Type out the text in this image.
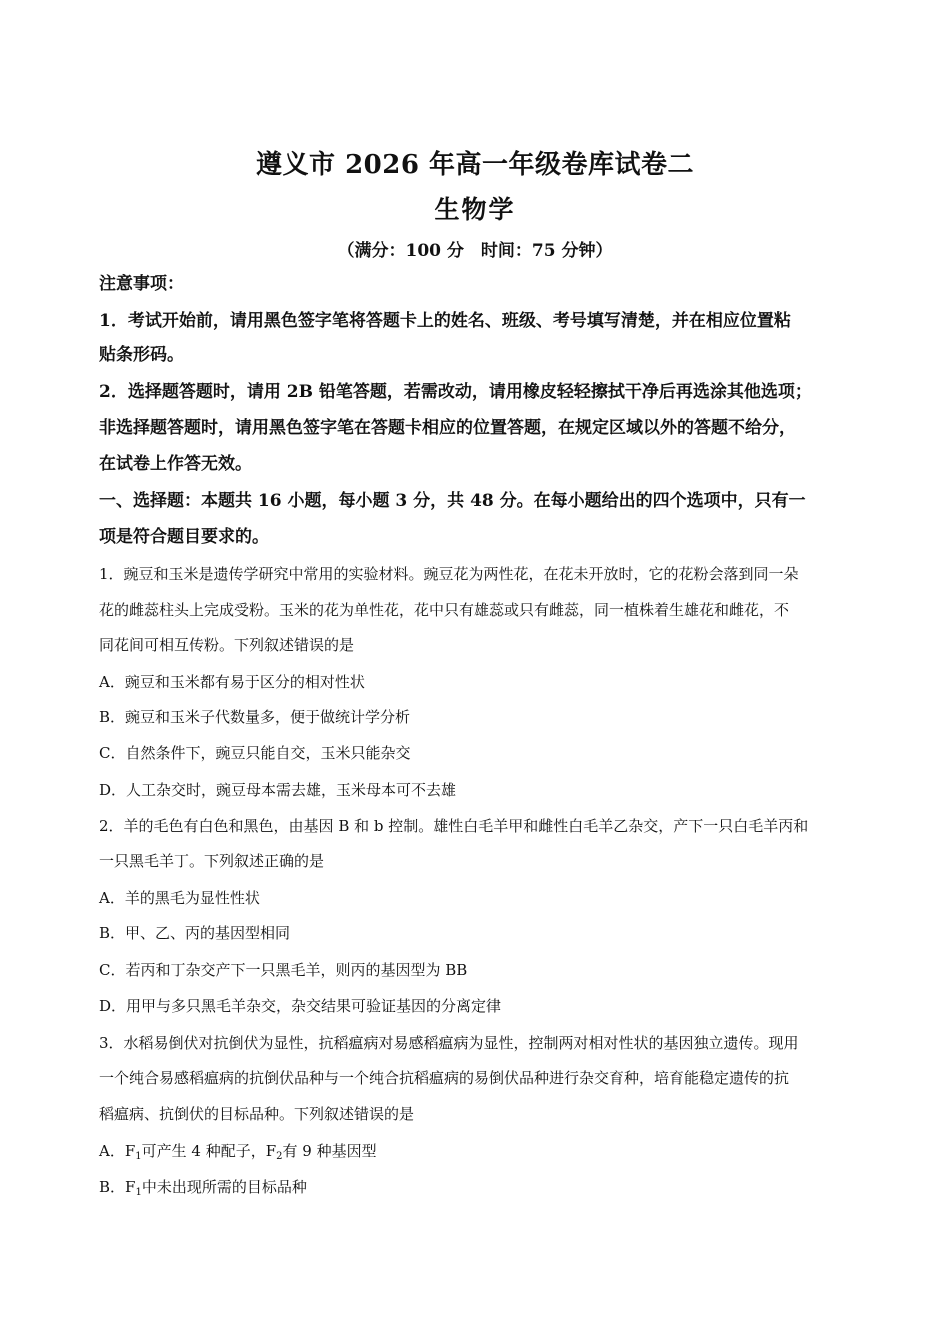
遵义市 2026 年高一年级卷库试卷二
生物学
（满分：100 分　时间：75 分钟）
注意事项：
1．考试开始前，请用黑色签字笔将答题卡上的姓名、班级、考号填写清楚，并在相应位置粘
贴条形码。
2．选择题答题时，请用 2B 铅笔答题，若需改动，请用橡皮轻轻擦拭干净后再选涂其他选项；
非选择题答题时，请用黑色签字笔在答题卡相应的位置答题，在规定区域以外的答题不给分，
在试卷上作答无效。
一、选择题：本题共 16 小题，每小题 3 分，共 48 分。在每小题给出的四个选项中，只有一
项是符合题目要求的。
1．豌豆和玉米是遗传学研究中常用的实验材料。豌豆花为两性花，在花未开放时，它的花粉会落到同一朵
花的雌蕊柱头上完成受粉。玉米的花为单性花，花中只有雄蕊或只有雌蕊，同一植株着生雄花和雌花，不
同花间可相互传粉。下列叙述错误的是
A．豌豆和玉米都有易于区分的相对性状
B．豌豆和玉米子代数量多，便于做统计学分析
C．自然条件下，豌豆只能自交，玉米只能杂交
D．人工杂交时，豌豆母本需去雄，玉米母本可不去雄
2．羊的毛色有白色和黑色，由基因 B 和 b 控制。雄性白毛羊甲和雌性白毛羊乙杂交，产下一只白毛羊丙和
一只黑毛羊丁。下列叙述正确的是
A．羊的黑毛为显性性状
B．甲、乙、丙的基因型相同
C．若丙和丁杂交产下一只黑毛羊，则丙的基因型为 BB
D．用甲与多只黑毛羊杂交，杂交结果可验证基因的分离定律
3．水稻易倒伏对抗倒伏为显性，抗稻瘟病对易感稻瘟病为显性，控制两对相对性状的基因独立遗传。现用
一个纯合易感稻瘟病的抗倒伏品种与一个纯合抗稻瘟病的易倒伏品种进行杂交育种，培育能稳定遗传的抗
稻瘟病、抗倒伏的目标品种。下列叙述错误的是
A．$F_1$可产生 4 种配子，$F_2$有 9 种基因型
B．$F_1$中未出现所需的目标品种
